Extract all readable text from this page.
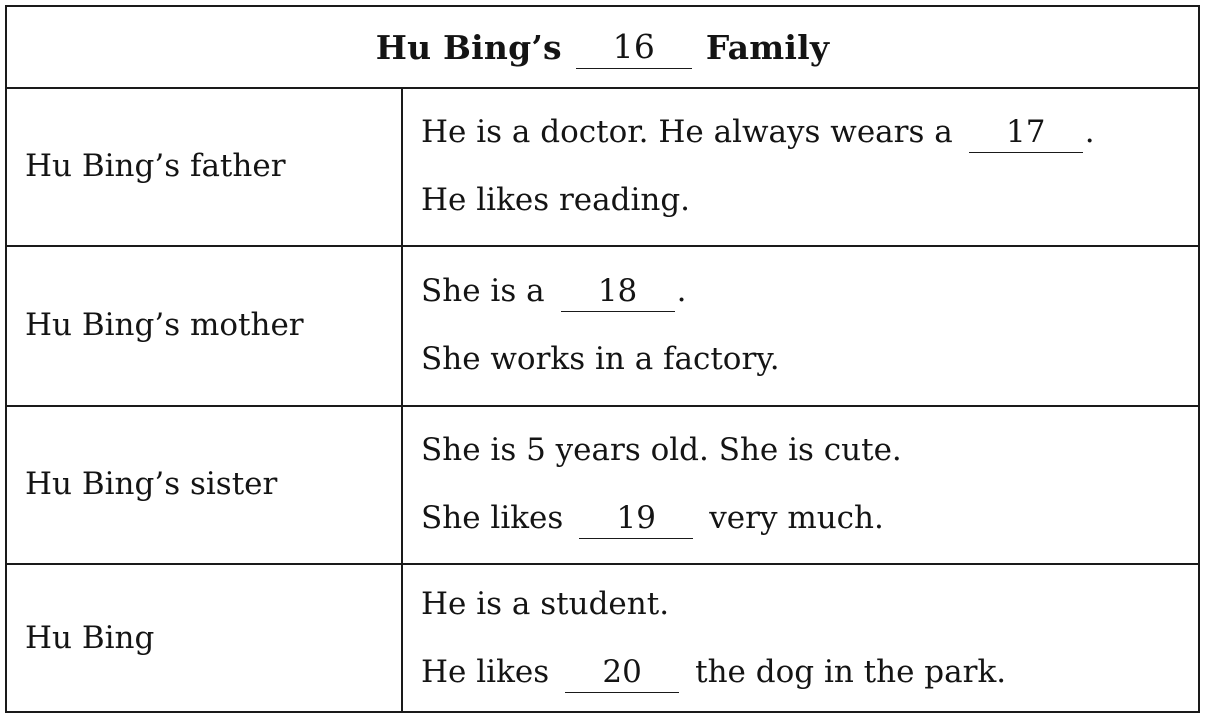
Hu Bing’s	16	Family
Hu Bing’s father
He is a doctor. He always wears a 17 .
He likes reading.
Hu Bing’s mother
She is a 18 .
She works in a factory.
Hu Bing’s sister
She is 5 years old. She is cute.
She likes 19 very much.
Hu Bing
He is a student.
He likes 20 the dog in the park.
